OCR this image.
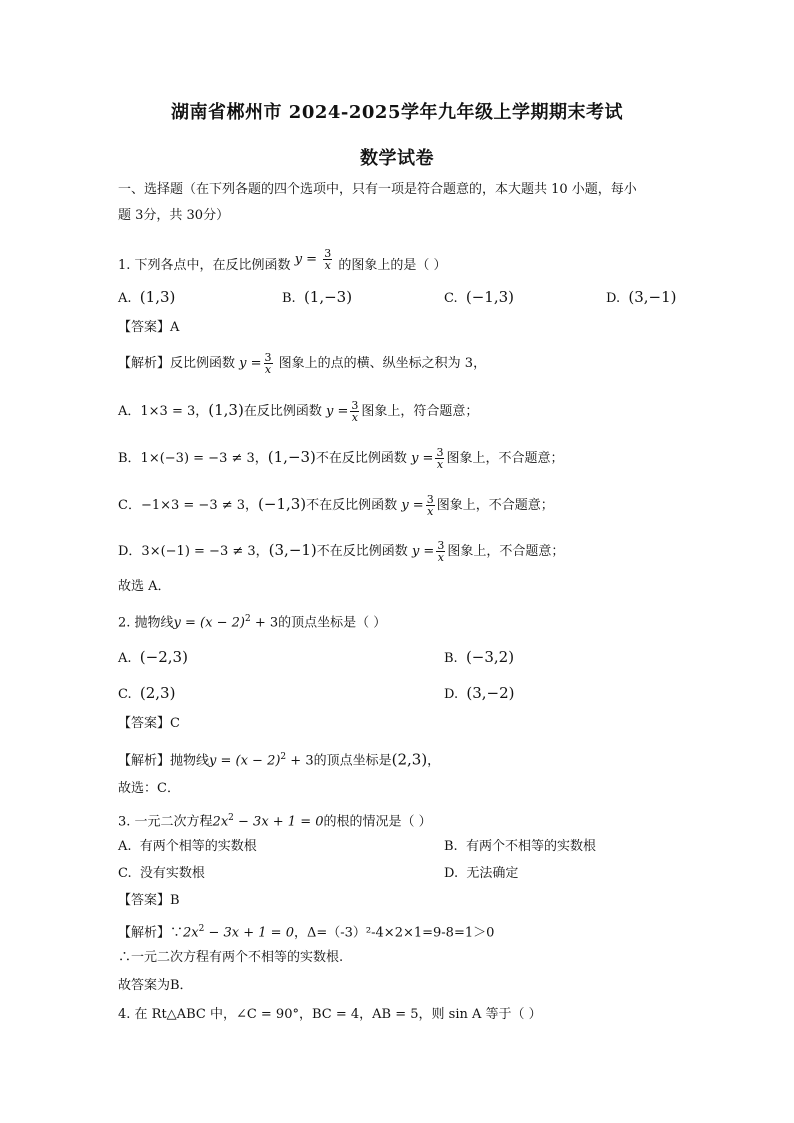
湖南省郴州市 2024-2025学年九年级上学期期末考试
数学试卷
一、选择题（在下列各题的四个选项中，只有一项是符合题意的，本大题共 10 小题，每小
题 3分，共 30分）
1. 下列各点中，在反比例函数 $y = \frac{3}{x}$ 的图象上的是（ ）
A. (1,3)	B. (1,−3)	C. (−1,3)	D. (3,−1)
【答案】A
【解析】反比例函数 $y = \frac{3}{x}$ 图象上的点的横、纵坐标之积为 3，
A．1×3 = 3，(1,3)在反比例函数 $y = \frac{3}{x}$ 图象上，符合题意；
B．1×(−3) = −3 ≠ 3，(1,−3)不在反比例函数 $y = \frac{3}{x}$ 图象上，不合题意；
C．−1×3 = −3 ≠ 3，(−1,3)不在反比例函数 $y = \frac{3}{x}$ 图象上，不合题意；
D．3×(−1) = −3 ≠ 3，(3,−1)不在反比例函数 $y = \frac{3}{x}$ 图象上，不合题意；
故选 A．
2. 抛物线$y = (x - 2)^2 + 3$的顶点坐标是（ ）
A. (−2,3)	B. (−3,2)
C. (2,3)	D. (3,−2)
【答案】C
【解析】抛物线$y = (x - 2)^2 + 3$的顶点坐标是(2,3)，
故选：C．
3. 一元二次方程$2x^2 - 3x + 1 = 0$的根的情况是（ ）
A. 有两个相等的实数根	B. 有两个不相等的实数根
C. 没有实数根	D. 无法确定
【答案】B
【解析】$\because 2x^2 - 3x + 1 = 0$，Δ=（-3）²-4×2×1=9-8=1＞0
∴一元二次方程有两个不相等的实数根.
故答案为B．
4. 在 Rt△ABC 中，∠C = 90°，BC = 4，AB = 5，则 sin A 等于（ ）
